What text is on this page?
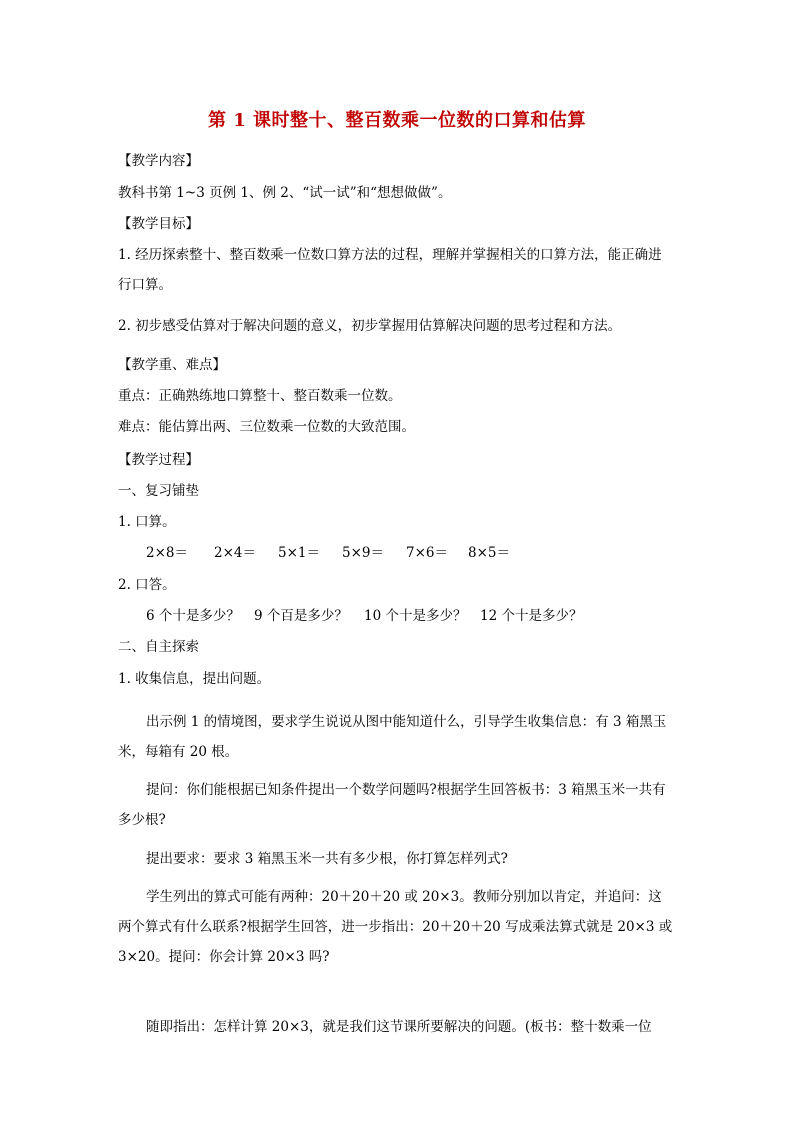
第 1 课时整十、整百数乘一位数的口算和估算
【教学内容】
教科书第 1~3 页例 1、例 2、“试一试”和“想想做做”。
【教学目标】
1. 经历探索整十、整百数乘一位数口算方法的过程，理解并掌握相关的口算方法，能正确进行口算。
2. 初步感受估算对于解决问题的意义，初步掌握用估算解决问题的思考过程和方法。
【教学重、难点】
重点：正确熟练地口算整十、整百数乘一位数。
难点：能估算出两、三位数乘一位数的大致范围。
【教学过程】
一、复习铺垫
1. 口算。
2×8＝ 2×4＝ 5×1＝ 5×9＝ 7×6＝ 8×5＝
2. 口答。
6 个十是多少？ 9 个百是多少？ 10 个十是多少？ 12 个十是多少？
二、自主探索
1. 收集信息，提出问题。
出示例 1 的情境图，要求学生说说从图中能知道什么，引导学生收集信息：有 3 箱黑玉米，每箱有 20 根。
提问：你们能根据已知条件提出一个数学问题吗?根据学生回答板书：3 箱黑玉米一共有多少根?
提出要求：要求 3 箱黑玉米一共有多少根，你打算怎样列式?
学生列出的算式可能有两种：20＋20＋20 或 20×3。教师分别加以肯定，并追问：这两个算式有什么联系?根据学生回答，进一步指出：20＋20＋20 写成乘法算式就是 20×3 或 3×20。提问：你会计算 20×3 吗?
随即指出：怎样计算 20×3，就是我们这节课所要解决的问题。(板书：整十数乘一位
